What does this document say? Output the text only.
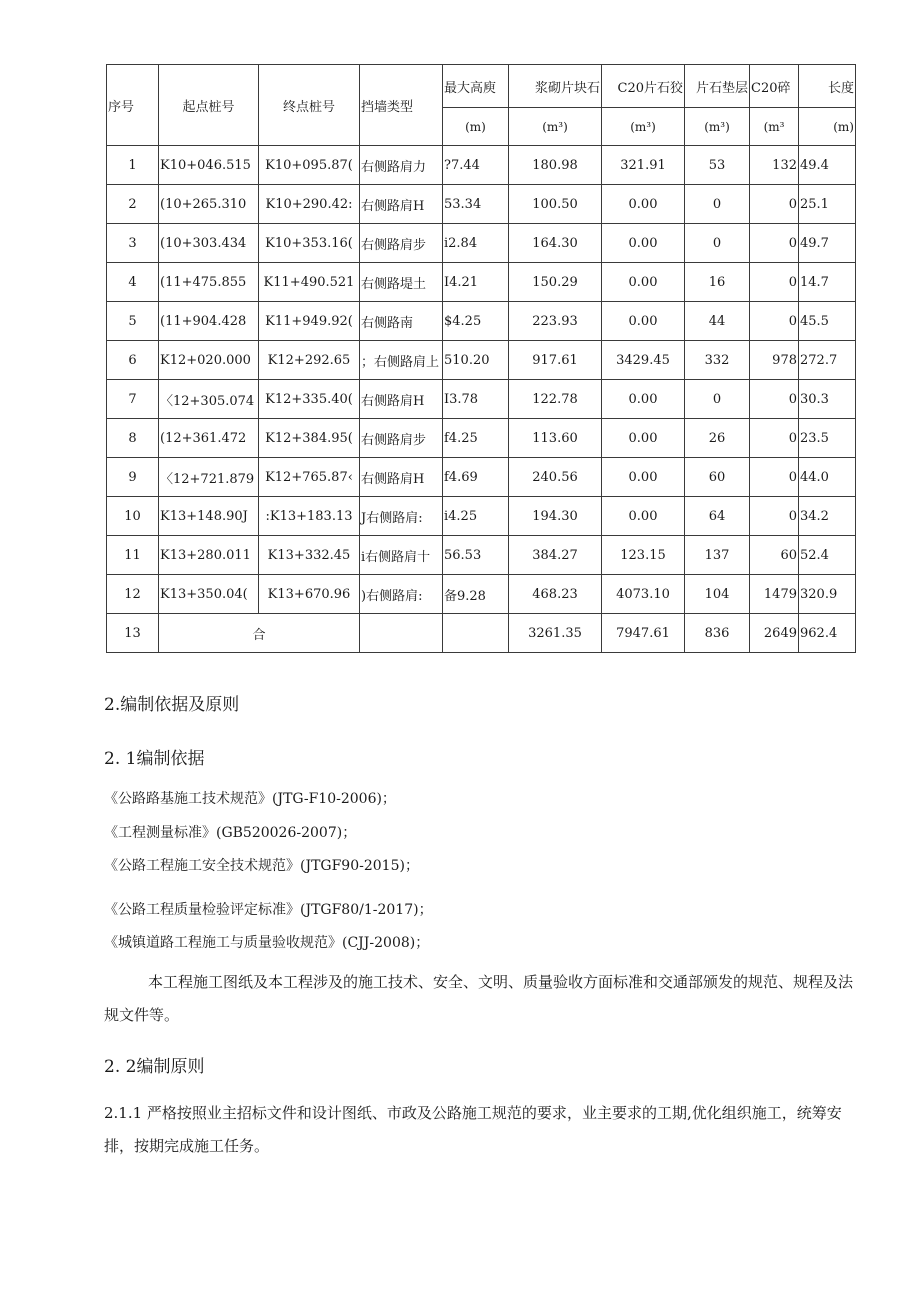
序号	起点桩号	终点桩号	挡墙类型	最大高庾	浆砌片块石	C20片石狡	片石垫层	C20碎	长度
				(m)	(m³)	(m³)	(m³)	(m³	(m)
1	K10+046.515	K10+095.87(	右侧路肩力	?7.44	180.98	321.91	53	132	49.4
2	(10+265.310	K10+290.42:	右侧路肩H	53.34	100.50	0.00	0	0	25.1
3	(10+303.434	K10+353.16(	右侧路肩步	i2.84	164.30	0.00	0	0	49.7
4	(11+475.855	K11+490.521	右侧路堤土	I4.21	150.29	0.00	16	0	14.7
5	(11+904.428	K11+949.92(	右侧路南	$4.25	223.93	0.00	44	0	45.5
6	K12+020.000	K12+292.65	；右侧路肩上	510.20	917.61	3429.45	332	978	272.7
7	〈12+305.074	K12+335.40(	右侧路肩H	I3.78	122.78	0.00	0	0	30.3
8	(12+361.472	K12+384.95(	右侧路肩步	f4.25	113.60	0.00	26	0	23.5
9	〈12+721.879	K12+765.87‹	右侧路肩H	f4.69	240.56	0.00	60	0	44.0
10	K13+148.90J	:K13+183.13	J右侧路肩:	i4.25	194.30	0.00	64	0	34.2
11	K13+280.011	K13+332.45	i右侧路肩十	56.53	384.27	123.15	137	60	52.4
12	K13+350.04(	K13+670.96	)右侧路肩:	备9.28	468.23	4073.10	104	1479	320.9
13	合				3261.35	7947.61	836	2649	962.4
2.编制依据及原则
2. 1编制依据
《公路路基施工技术规范》(JTG-F10-2006)；
《工程测量标准》(GB520026-2007)；
《公路工程施工安全技术规范》(JTGF90-2015)；
《公路工程质量检验评定标准》(JTGF80/1-2017)；
《城镇道路工程施工与质量验收规范》(CJJ-2008)；
本工程施工图纸及本工程涉及的施工技术、安全、文明、质量验收方面标准和交通部颁发的规范、规程及法规文件等。
2. 2编制原则
2.1.1 严格按照业主招标文件和设计图纸、市政及公路施工规范的要求，业主要求的工期,优化组织施工，统筹安排，按期完成施工任务。
